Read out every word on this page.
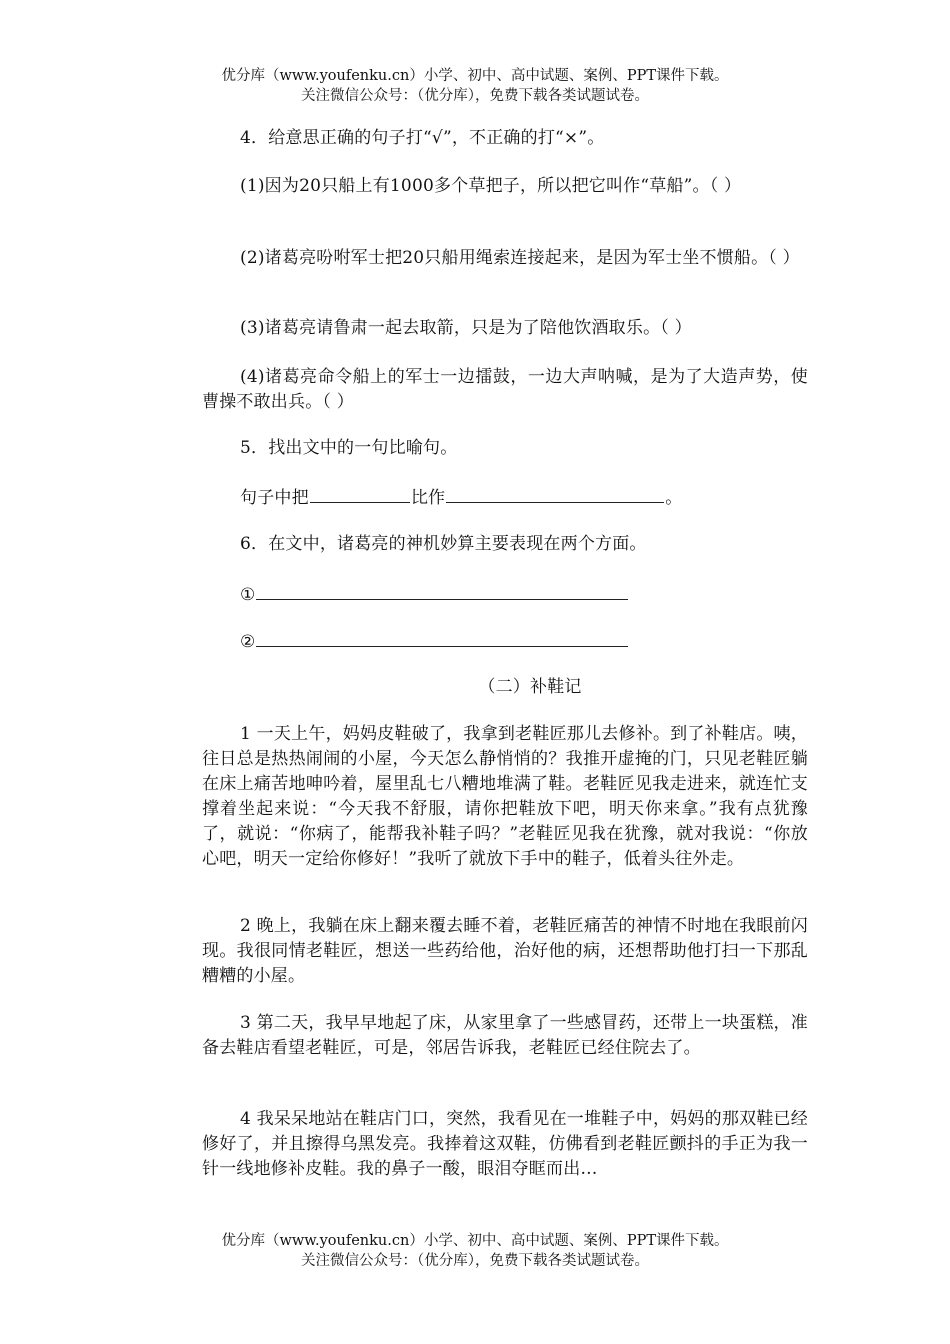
优分库（www.youfenku.cn）小学、初中、高中试题、案例、PPT课件下载。
关注微信公众号：（优分库），免费下载各类试题试卷。
4．给意思正确的句子打“√”，不正确的打“×”。
(1)因为20只船上有1000多个草把子，所以把它叫作“草船”。（ ）
(2)诸葛亮吩咐军士把20只船用绳索连接起来，是因为军士坐不惯船。（ ）
(3)诸葛亮请鲁肃一起去取箭，只是为了陪他饮酒取乐。（ ）
(4)诸葛亮命令船上的军士一边擂鼓，一边大声呐喊，是为了大造声势，使曹操不敢出兵。（ ）
5．找出文中的一句比喻句。
句子中把	比作	。
6．在文中，诸葛亮的神机妙算主要表现在两个方面。
①
②
（二）补鞋记
1 一天上午，妈妈皮鞋破了，我拿到老鞋匠那儿去修补。到了补鞋店。咦，往日总是热热闹闹的小屋，今天怎么静悄悄的？我推开虚掩的门，只见老鞋匠躺在床上痛苦地呻吟着，屋里乱七八糟地堆满了鞋。老鞋匠见我走进来，就连忙支撑着坐起来说：“今天我不舒服，请你把鞋放下吧，明天你来拿。”我有点犹豫了，就说：“你病了，能帮我补鞋子吗？”老鞋匠见我在犹豫，就对我说：“你放心吧，明天一定给你修好！”我听了就放下手中的鞋子，低着头往外走。
2 晚上，我躺在床上翻来覆去睡不着，老鞋匠痛苦的神情不时地在我眼前闪现。我很同情老鞋匠，想送一些药给他，治好他的病，还想帮助他打扫一下那乱糟糟的小屋。
3 第二天，我早早地起了床，从家里拿了一些感冒药，还带上一块蛋糕，准备去鞋店看望老鞋匠，可是，邻居告诉我，老鞋匠已经住院去了。
4 我呆呆地站在鞋店门口，突然，我看见在一堆鞋子中，妈妈的那双鞋已经修好了，并且擦得乌黑发亮。我捧着这双鞋，仿佛看到老鞋匠颤抖的手正为我一针一线地修补皮鞋。我的鼻子一酸，眼泪夺眶而出…
优分库（www.youfenku.cn）小学、初中、高中试题、案例、PPT课件下载。
关注微信公众号：（优分库），免费下载各类试题试卷。
